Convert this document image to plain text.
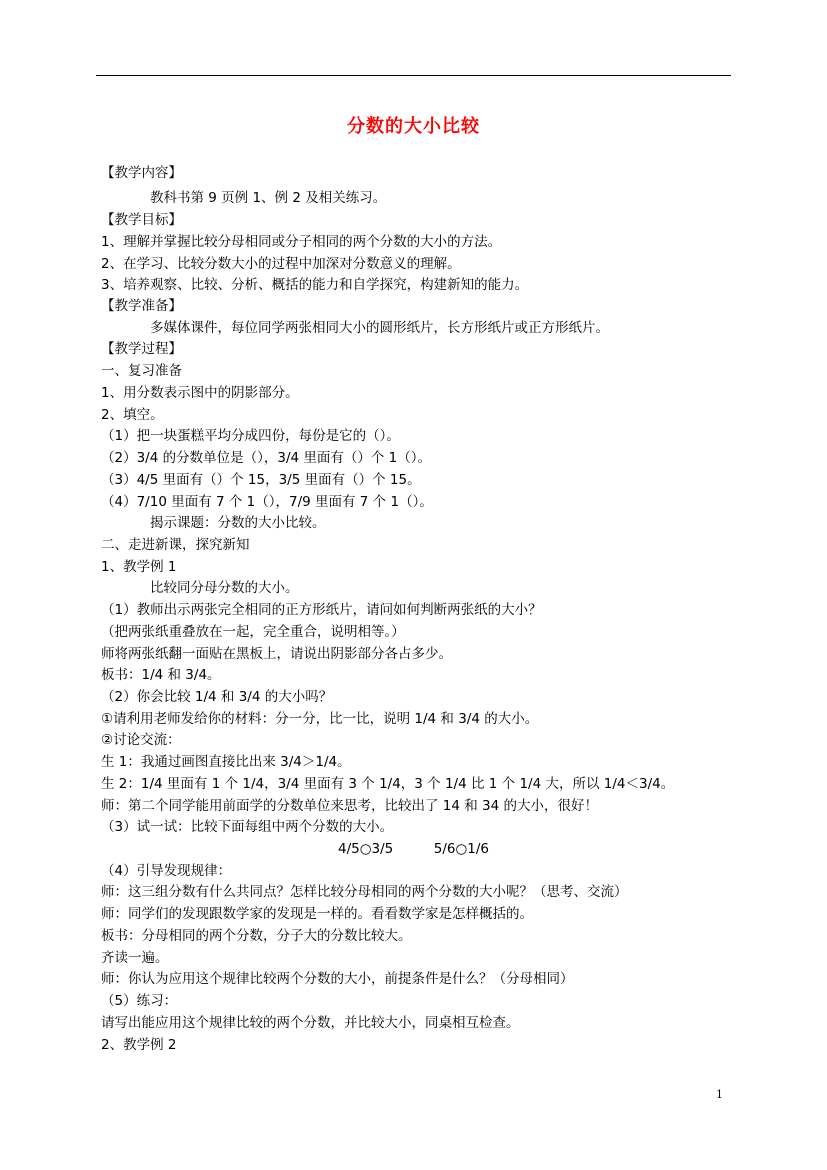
分数的大小比较
【教学内容】
教科书第 9 页例 1、例 2 及相关练习。
【教学目标】
1、理解并掌握比较分母相同或分子相同的两个分数的大小的方法。
2、在学习、比较分数大小的过程中加深对分数意义的理解。
3、培养观察、比较、分析、概括的能力和自学探究，构建新知的能力。
【教学准备】
多媒体课件，每位同学两张相同大小的圆形纸片，长方形纸片或正方形纸片。
【教学过程】
一、复习准备
1、用分数表示图中的阴影部分。
2、填空。
（1）把一块蛋糕平均分成四份，每份是它的（）。
（2）3/4 的分数单位是（），3/4 里面有（）个 1（）。
（3）4/5 里面有（）个 15，3/5 里面有（）个 15。
（4）7/10 里面有 7 个 1（），7/9 里面有 7 个 1（）。
揭示课题：分数的大小比较。
二、走进新课，探究新知
1、教学例 1
比较同分母分数的大小。
（1）教师出示两张完全相同的正方形纸片，请问如何判断两张纸的大小？
（把两张纸重叠放在一起，完全重合，说明相等。）
师将两张纸翻一面贴在黑板上，请说出阴影部分各占多少。
板书：1/4 和 3/4。
（2）你会比较 1/4 和 3/4 的大小吗？
①请利用老师发给你的材料：分一分，比一比，说明 1/4 和 3/4 的大小。
②讨论交流：
生 1：我通过画图直接比出来 3/4＞1/4。
生 2：1/4 里面有 1 个 1/4，3/4 里面有 3 个 1/4，3 个 1/4 比 1 个 1/4 大，所以 1/4＜3/4。
师：第二个同学能用前面学的分数单位来思考，比较出了 14 和 34 的大小，很好！
（3）试一试：比较下面每组中两个分数的大小。
4/5○3/5　　　5/6○1/6
（4）引导发现规律：
师：这三组分数有什么共同点？怎样比较分母相同的两个分数的大小呢？（思考、交流）
师：同学们的发现跟数学家的发现是一样的。看看数学家是怎样概括的。
板书：分母相同的两个分数，分子大的分数比较大。
齐读一遍。
师：你认为应用这个规律比较两个分数的大小，前提条件是什么？（分母相同）
（5）练习：
请写出能应用这个规律比较的两个分数，并比较大小，同桌相互检查。
2、教学例 2
1
